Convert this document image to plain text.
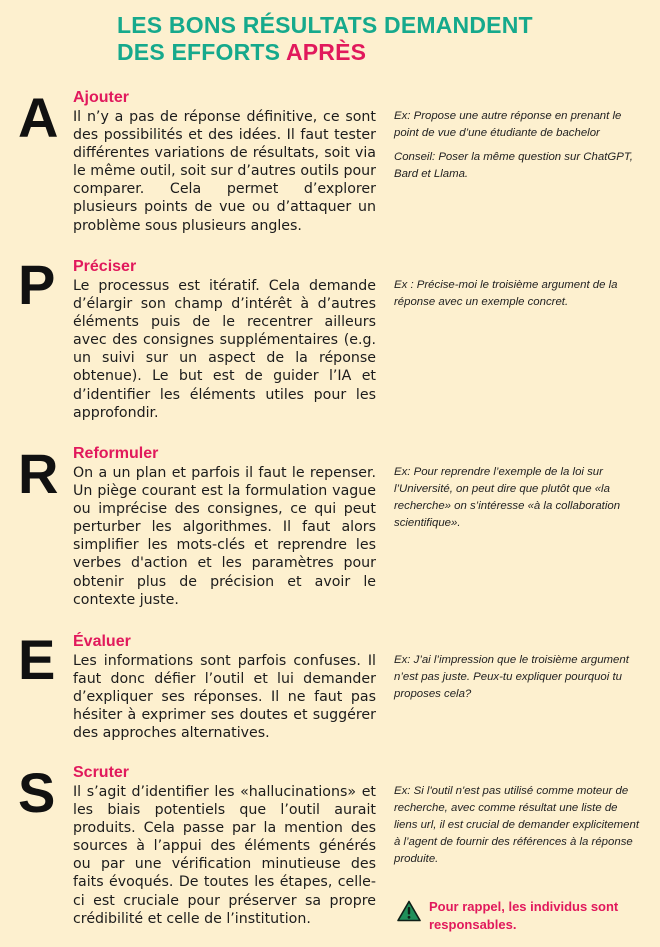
LES BONS RÉSULTATS DEMANDENT
DES EFFORTS APRÈS
A Ajouter

Il n’y a pas de réponse définitive, ce sont des possibilités et des idées. Il faut tester différentes variations de résultats, soit via le même outil, soit sur d’autres outils pour comparer. Cela permet d’explorer plusieurs points de vue ou d’attaquer un problème sous plusieurs angles.

Ex: Propose une autre réponse en prenant le point de vue d’une étudiante de bachelor

Conseil: Poser la même question sur ChatGPT, Bard et Llama.

P Préciser

Le processus est itératif. Cela demande d’élargir son champ d’intérêt à d’autres éléments puis de le recentrer ailleurs avec des consignes supplémentaires (e.g. un suivi sur un aspect de la réponse obtenue). Le but est de guider l’IA et d’identifier les éléments utiles pour les approfondir.

Ex : Précise-moi le troisième argument de la réponse avec un exemple concret.

R Reformuler

On a un plan et parfois il faut le repenser. Un piège courant est la formulation vague ou imprécise des consignes, ce qui peut perturber les algorithmes. Il faut alors simplifier les mots-clés et reprendre les verbes d'action et les paramètres pour obtenir plus de précision et avoir le contexte juste.

Ex: Pour reprendre l’exemple de la loi sur l’Université, on peut dire que plutôt que «la recherche» on s’intéresse «à la collaboration scientifique».

E Évaluer

Les informations sont parfois confuses. Il faut donc défier l’outil et lui demander d’expliquer ses réponses. Il ne faut pas hésiter à exprimer ses doutes et suggérer des approches alternatives.

Ex: J’ai l’impression que le troisième argument n’est pas juste. Peux-tu expliquer pourquoi tu proposes cela?

S Scruter

Il s’agit d’identifier les «hallucinations» et les biais potentiels que l’outil aurait produits. Cela passe par la mention des sources à l’appui des éléments générés ou par une vérification minutieuse des faits évoqués. De toutes les étapes, celle-ci est cruciale pour préserver sa propre crédibilité et celle de l’institution.

Ex: Si l'outil n'est pas utilisé comme moteur de recherche, avec comme résultat une liste de liens url, il est crucial de demander explicitement à l’agent de fournir des références à la réponse produite.

Pour rappel, les individus sont responsables.
